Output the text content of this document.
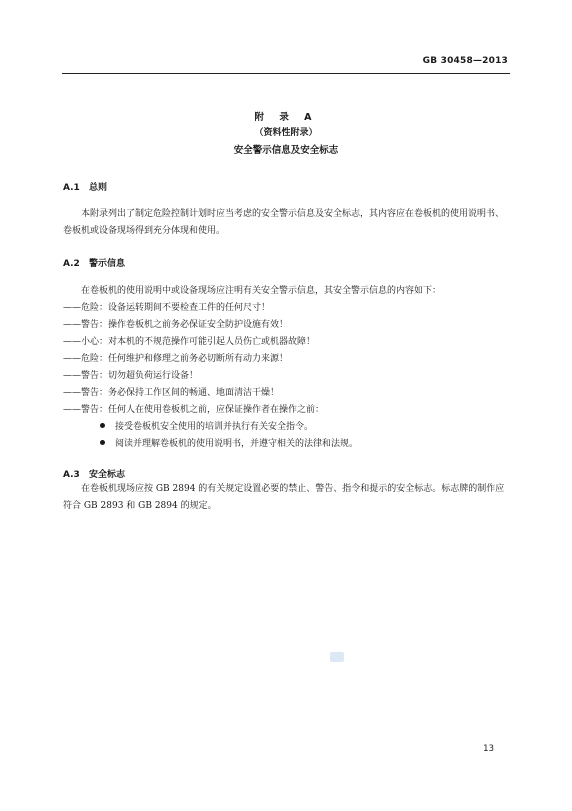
GB 30458—2013
附 录 A
（资料性附录）
安全警示信息及安全标志
A.1 总则
本附录列出了制定危险控制计划时应当考虑的安全警示信息及安全标志，其内容应在卷板机的使用说明书、卷板机或设备现场得到充分体现和使用。
A.2 警示信息
在卷板机的使用说明中或设备现场应注明有关安全警示信息，其安全警示信息的内容如下：
——危险：设备运转期间不要检查工件的任何尺寸！
——警告：操作卷板机之前务必保证安全防护设施有效！
——小心：对本机的不规范操作可能引起人员伤亡或机器故障！
——危险：任何维护和修理之前务必切断所有动力来源！
——警告：切勿超负荷运行设备！
——警告：务必保持工作区间的畅通、地面清洁干燥！
——警告：任何人在使用卷板机之前，应保证操作者在操作之前：
接受卷板机安全使用的培训并执行有关安全指令。
阅读并理解卷板机的使用说明书，并遵守相关的法律和法规。
A.3 安全标志
在卷板机现场应按 GB 2894 的有关规定设置必要的禁止、警告、指令和提示的安全标志。标志牌的制作应符合 GB 2893 和 GB 2894 的规定。
13
